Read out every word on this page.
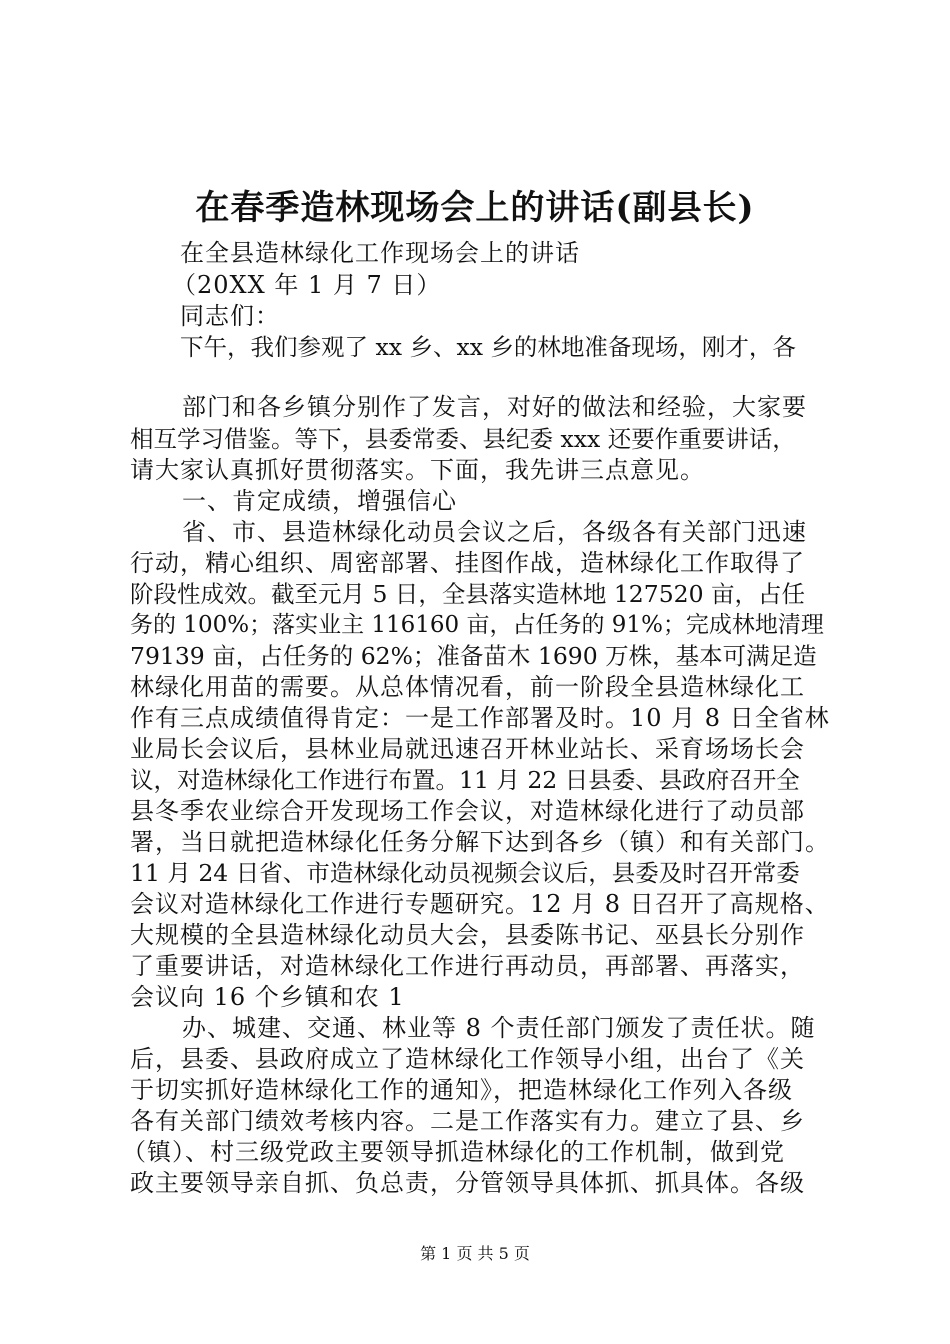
在春季造林现场会上的讲话(副县长)
在全县造林绿化工作现场会上的讲话
（20XX 年 1 月 7 日）
同志们：
下午，我们参观了 xx 乡、xx 乡的林地准备现场，刚才，各
部门和各乡镇分别作了发言，对好的做法和经验，大家要
相互学习借鉴。等下，县委常委、县纪委 xxx 还要作重要讲话，
请大家认真抓好贯彻落实。下面，我先讲三点意见。
一、肯定成绩，增强信心
省、市、县造林绿化动员会议之后，各级各有关部门迅速
行动，精心组织、周密部署、挂图作战，造林绿化工作取得了
阶段性成效。截至元月 5 日，全县落实造林地 127520 亩，占任
务的 100%；落实业主 116160 亩，占任务的 91%；完成林地清理
79139 亩，占任务的 62%；准备苗木 1690 万株，基本可满足造
林绿化用苗的需要。从总体情况看，前一阶段全县造林绿化工
作有三点成绩值得肯定：一是工作部署及时。10 月 8 日全省林
业局长会议后，县林业局就迅速召开林业站长、采育场场长会
议，对造林绿化工作进行布置。11 月 22 日县委、县政府召开全
县冬季农业综合开发现场工作会议，对造林绿化进行了动员部
署，当日就把造林绿化任务分解下达到各乡（镇）和有关部门。
11 月 24 日省、市造林绿化动员视频会议后，县委及时召开常委
会议对造林绿化工作进行专题研究。12 月 8 日召开了高规格、
大规模的全县造林绿化动员大会，县委陈书记、巫县长分别作
了重要讲话，对造林绿化工作进行再动员，再部署、再落实，
会议向 16 个乡镇和农 1
办、城建、交通、林业等 8 个责任部门颁发了责任状。随
后，县委、县政府成立了造林绿化工作领导小组，出台了《关
于切实抓好造林绿化工作的通知》，把造林绿化工作列入各级
各有关部门绩效考核内容。二是工作落实有力。建立了县、乡
（镇）、村三级党政主要领导抓造林绿化的工作机制，做到党
政主要领导亲自抓、负总责，分管领导具体抓、抓具体。各级
第 1 页 共 5 页
